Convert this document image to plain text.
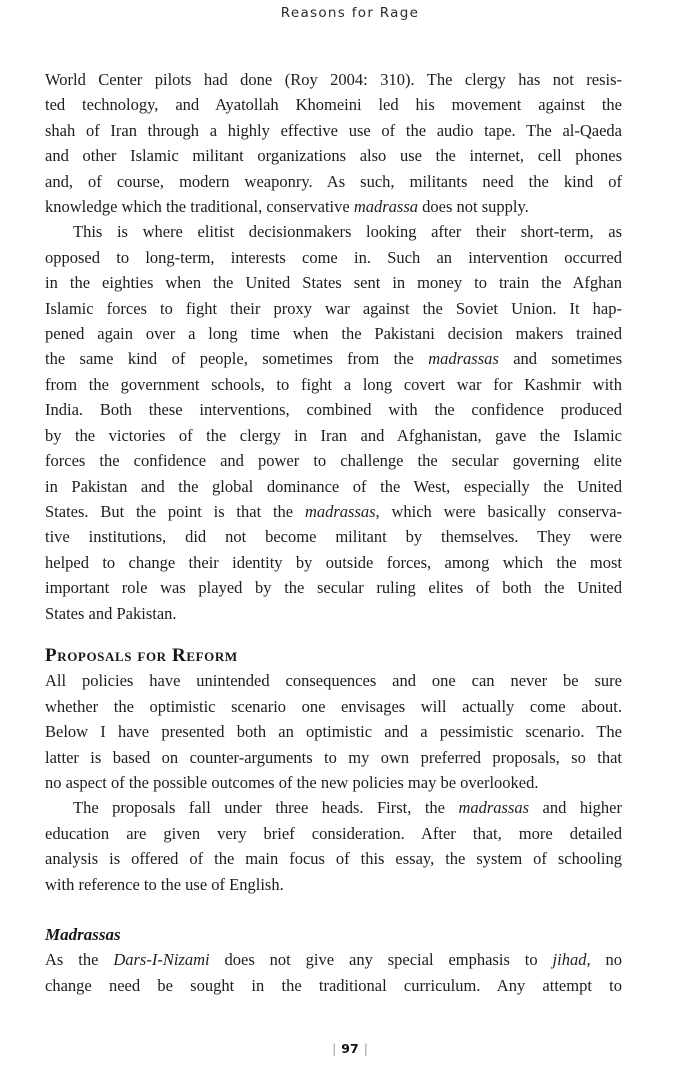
Reasons for Rage
World Center pilots had done (Roy 2004: 310). The clergy has not resis-
ted technology, and Ayatollah Khomeini led his movement against the
shah of Iran through a highly effective use of the audio tape. The al-Qaeda
and other Islamic militant organizations also use the internet, cell phones
and, of course, modern weaponry. As such, militants need the kind of
knowledge which the traditional, conservative madrassa does not supply.
This is where elitist decisionmakers looking after their short-term, as
opposed to long-term, interests come in. Such an intervention occurred
in the eighties when the United States sent in money to train the Afghan
Islamic forces to fight their proxy war against the Soviet Union. It hap-
pened again over a long time when the Pakistani decision makers trained
the same kind of people, sometimes from the madrassas and sometimes
from the government schools, to fight a long covert war for Kashmir with
India. Both these interventions, combined with the confidence produced
by the victories of the clergy in Iran and Afghanistan, gave the Islamic
forces the confidence and power to challenge the secular governing elite
in Pakistan and the global dominance of the West, especially the United
States. But the point is that the madrassas, which were basically conserva-
tive institutions, did not become militant by themselves. They were
helped to change their identity by outside forces, among which the most
important role was played by the secular ruling elites of both the United
States and Pakistan.
Proposals for Reform
All policies have unintended consequences and one can never be sure
whether the optimistic scenario one envisages will actually come about.
Below I have presented both an optimistic and a pessimistic scenario. The
latter is based on counter-arguments to my own preferred proposals, so that
no aspect of the possible outcomes of the new policies may be overlooked.
The proposals fall under three heads. First, the madrassas and higher
education are given very brief consideration. After that, more detailed
analysis is offered of the main focus of this essay, the system of schooling
with reference to the use of English.
Madrassas
As the Dars-I-Nizami does not give any special emphasis to jihad, no
change need be sought in the traditional curriculum. Any attempt to
| 97 |
